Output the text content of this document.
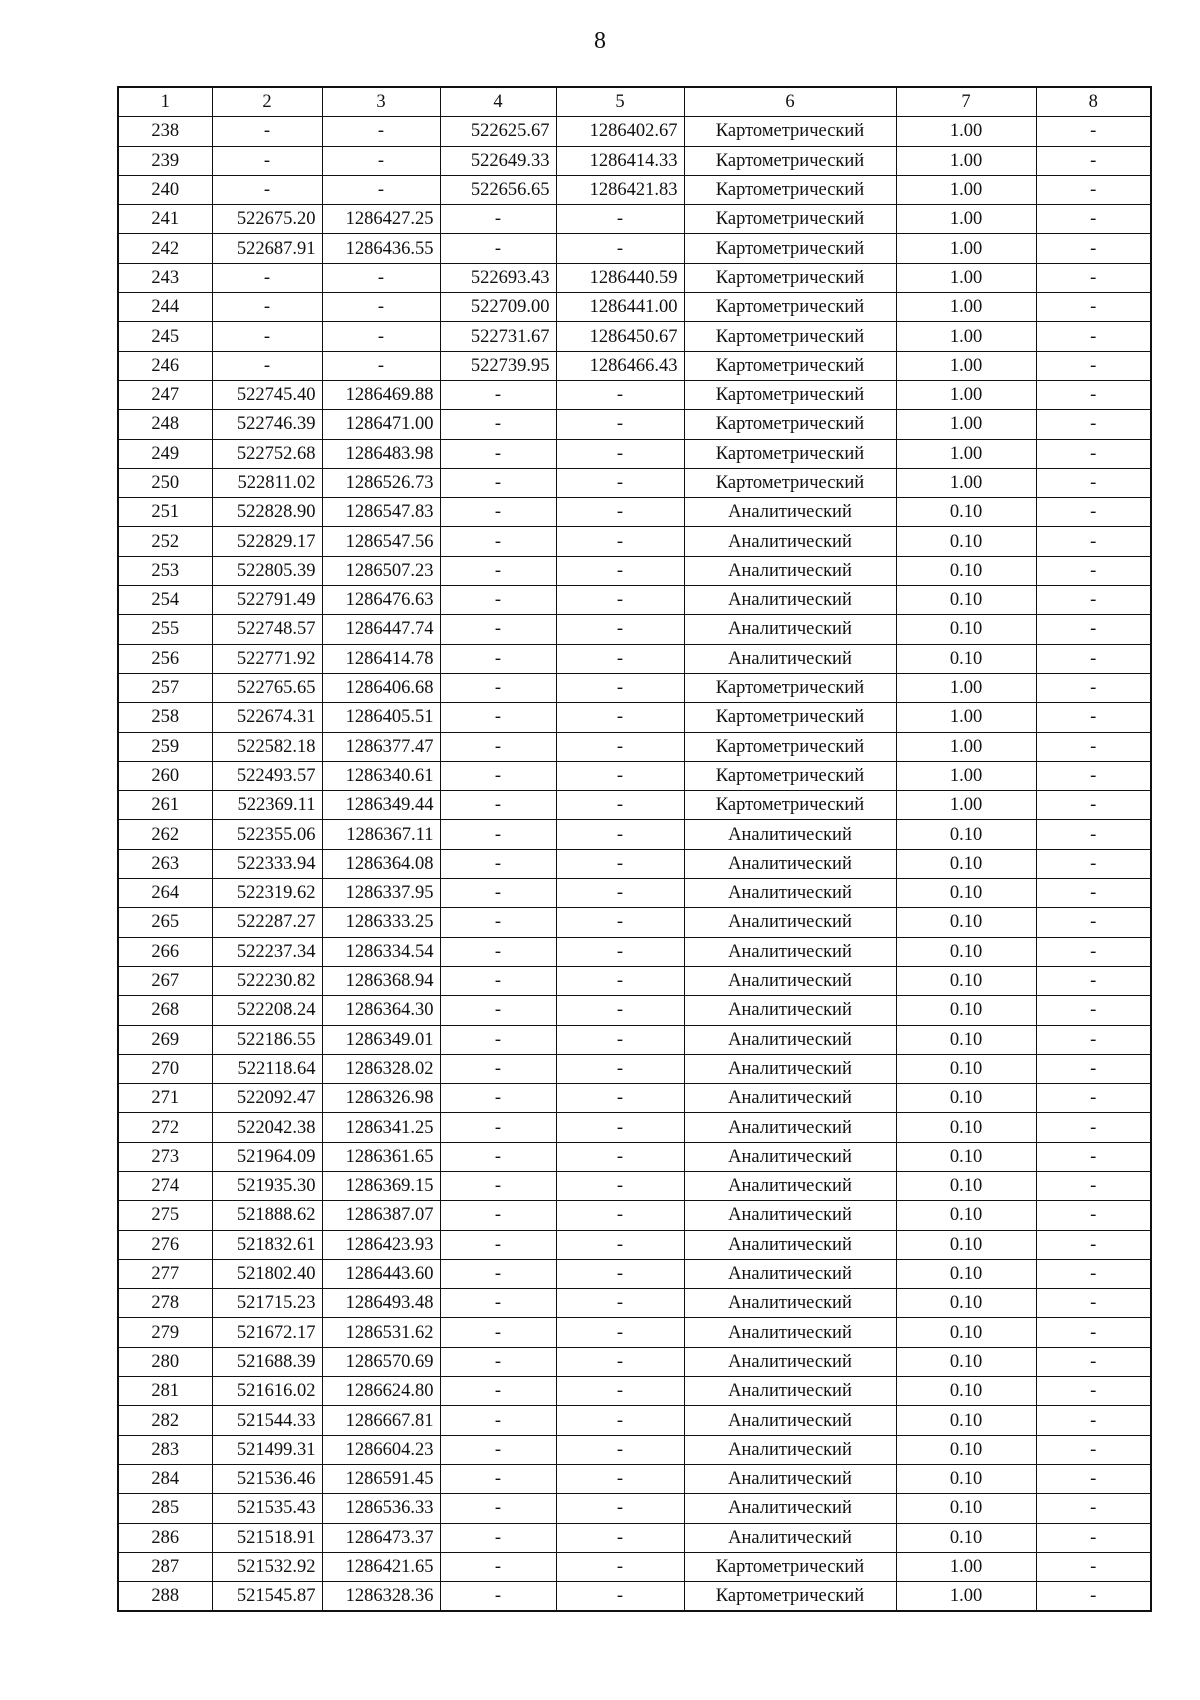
8
1	2	3	4	5	6	7	8
238	-	-	522625.67	1286402.67	Картометрический	1.00	-
239	-	-	522649.33	1286414.33	Картометрический	1.00	-
240	-	-	522656.65	1286421.83	Картометрический	1.00	-
241	522675.20	1286427.25	-	-	Картометрический	1.00	-
242	522687.91	1286436.55	-	-	Картометрический	1.00	-
243	-	-	522693.43	1286440.59	Картометрический	1.00	-
244	-	-	522709.00	1286441.00	Картометрический	1.00	-
245	-	-	522731.67	1286450.67	Картометрический	1.00	-
246	-	-	522739.95	1286466.43	Картометрический	1.00	-
247	522745.40	1286469.88	-	-	Картометрический	1.00	-
248	522746.39	1286471.00	-	-	Картометрический	1.00	-
249	522752.68	1286483.98	-	-	Картометрический	1.00	-
250	522811.02	1286526.73	-	-	Картометрический	1.00	-
251	522828.90	1286547.83	-	-	Аналитический	0.10	-
252	522829.17	1286547.56	-	-	Аналитический	0.10	-
253	522805.39	1286507.23	-	-	Аналитический	0.10	-
254	522791.49	1286476.63	-	-	Аналитический	0.10	-
255	522748.57	1286447.74	-	-	Аналитический	0.10	-
256	522771.92	1286414.78	-	-	Аналитический	0.10	-
257	522765.65	1286406.68	-	-	Картометрический	1.00	-
258	522674.31	1286405.51	-	-	Картометрический	1.00	-
259	522582.18	1286377.47	-	-	Картометрический	1.00	-
260	522493.57	1286340.61	-	-	Картометрический	1.00	-
261	522369.11	1286349.44	-	-	Картометрический	1.00	-
262	522355.06	1286367.11	-	-	Аналитический	0.10	-
263	522333.94	1286364.08	-	-	Аналитический	0.10	-
264	522319.62	1286337.95	-	-	Аналитический	0.10	-
265	522287.27	1286333.25	-	-	Аналитический	0.10	-
266	522237.34	1286334.54	-	-	Аналитический	0.10	-
267	522230.82	1286368.94	-	-	Аналитический	0.10	-
268	522208.24	1286364.30	-	-	Аналитический	0.10	-
269	522186.55	1286349.01	-	-	Аналитический	0.10	-
270	522118.64	1286328.02	-	-	Аналитический	0.10	-
271	522092.47	1286326.98	-	-	Аналитический	0.10	-
272	522042.38	1286341.25	-	-	Аналитический	0.10	-
273	521964.09	1286361.65	-	-	Аналитический	0.10	-
274	521935.30	1286369.15	-	-	Аналитический	0.10	-
275	521888.62	1286387.07	-	-	Аналитический	0.10	-
276	521832.61	1286423.93	-	-	Аналитический	0.10	-
277	521802.40	1286443.60	-	-	Аналитический	0.10	-
278	521715.23	1286493.48	-	-	Аналитический	0.10	-
279	521672.17	1286531.62	-	-	Аналитический	0.10	-
280	521688.39	1286570.69	-	-	Аналитический	0.10	-
281	521616.02	1286624.80	-	-	Аналитический	0.10	-
282	521544.33	1286667.81	-	-	Аналитический	0.10	-
283	521499.31	1286604.23	-	-	Аналитический	0.10	-
284	521536.46	1286591.45	-	-	Аналитический	0.10	-
285	521535.43	1286536.33	-	-	Аналитический	0.10	-
286	521518.91	1286473.37	-	-	Аналитический	0.10	-
287	521532.92	1286421.65	-	-	Картометрический	1.00	-
288	521545.87	1286328.36	-	-	Картометрический	1.00	-
